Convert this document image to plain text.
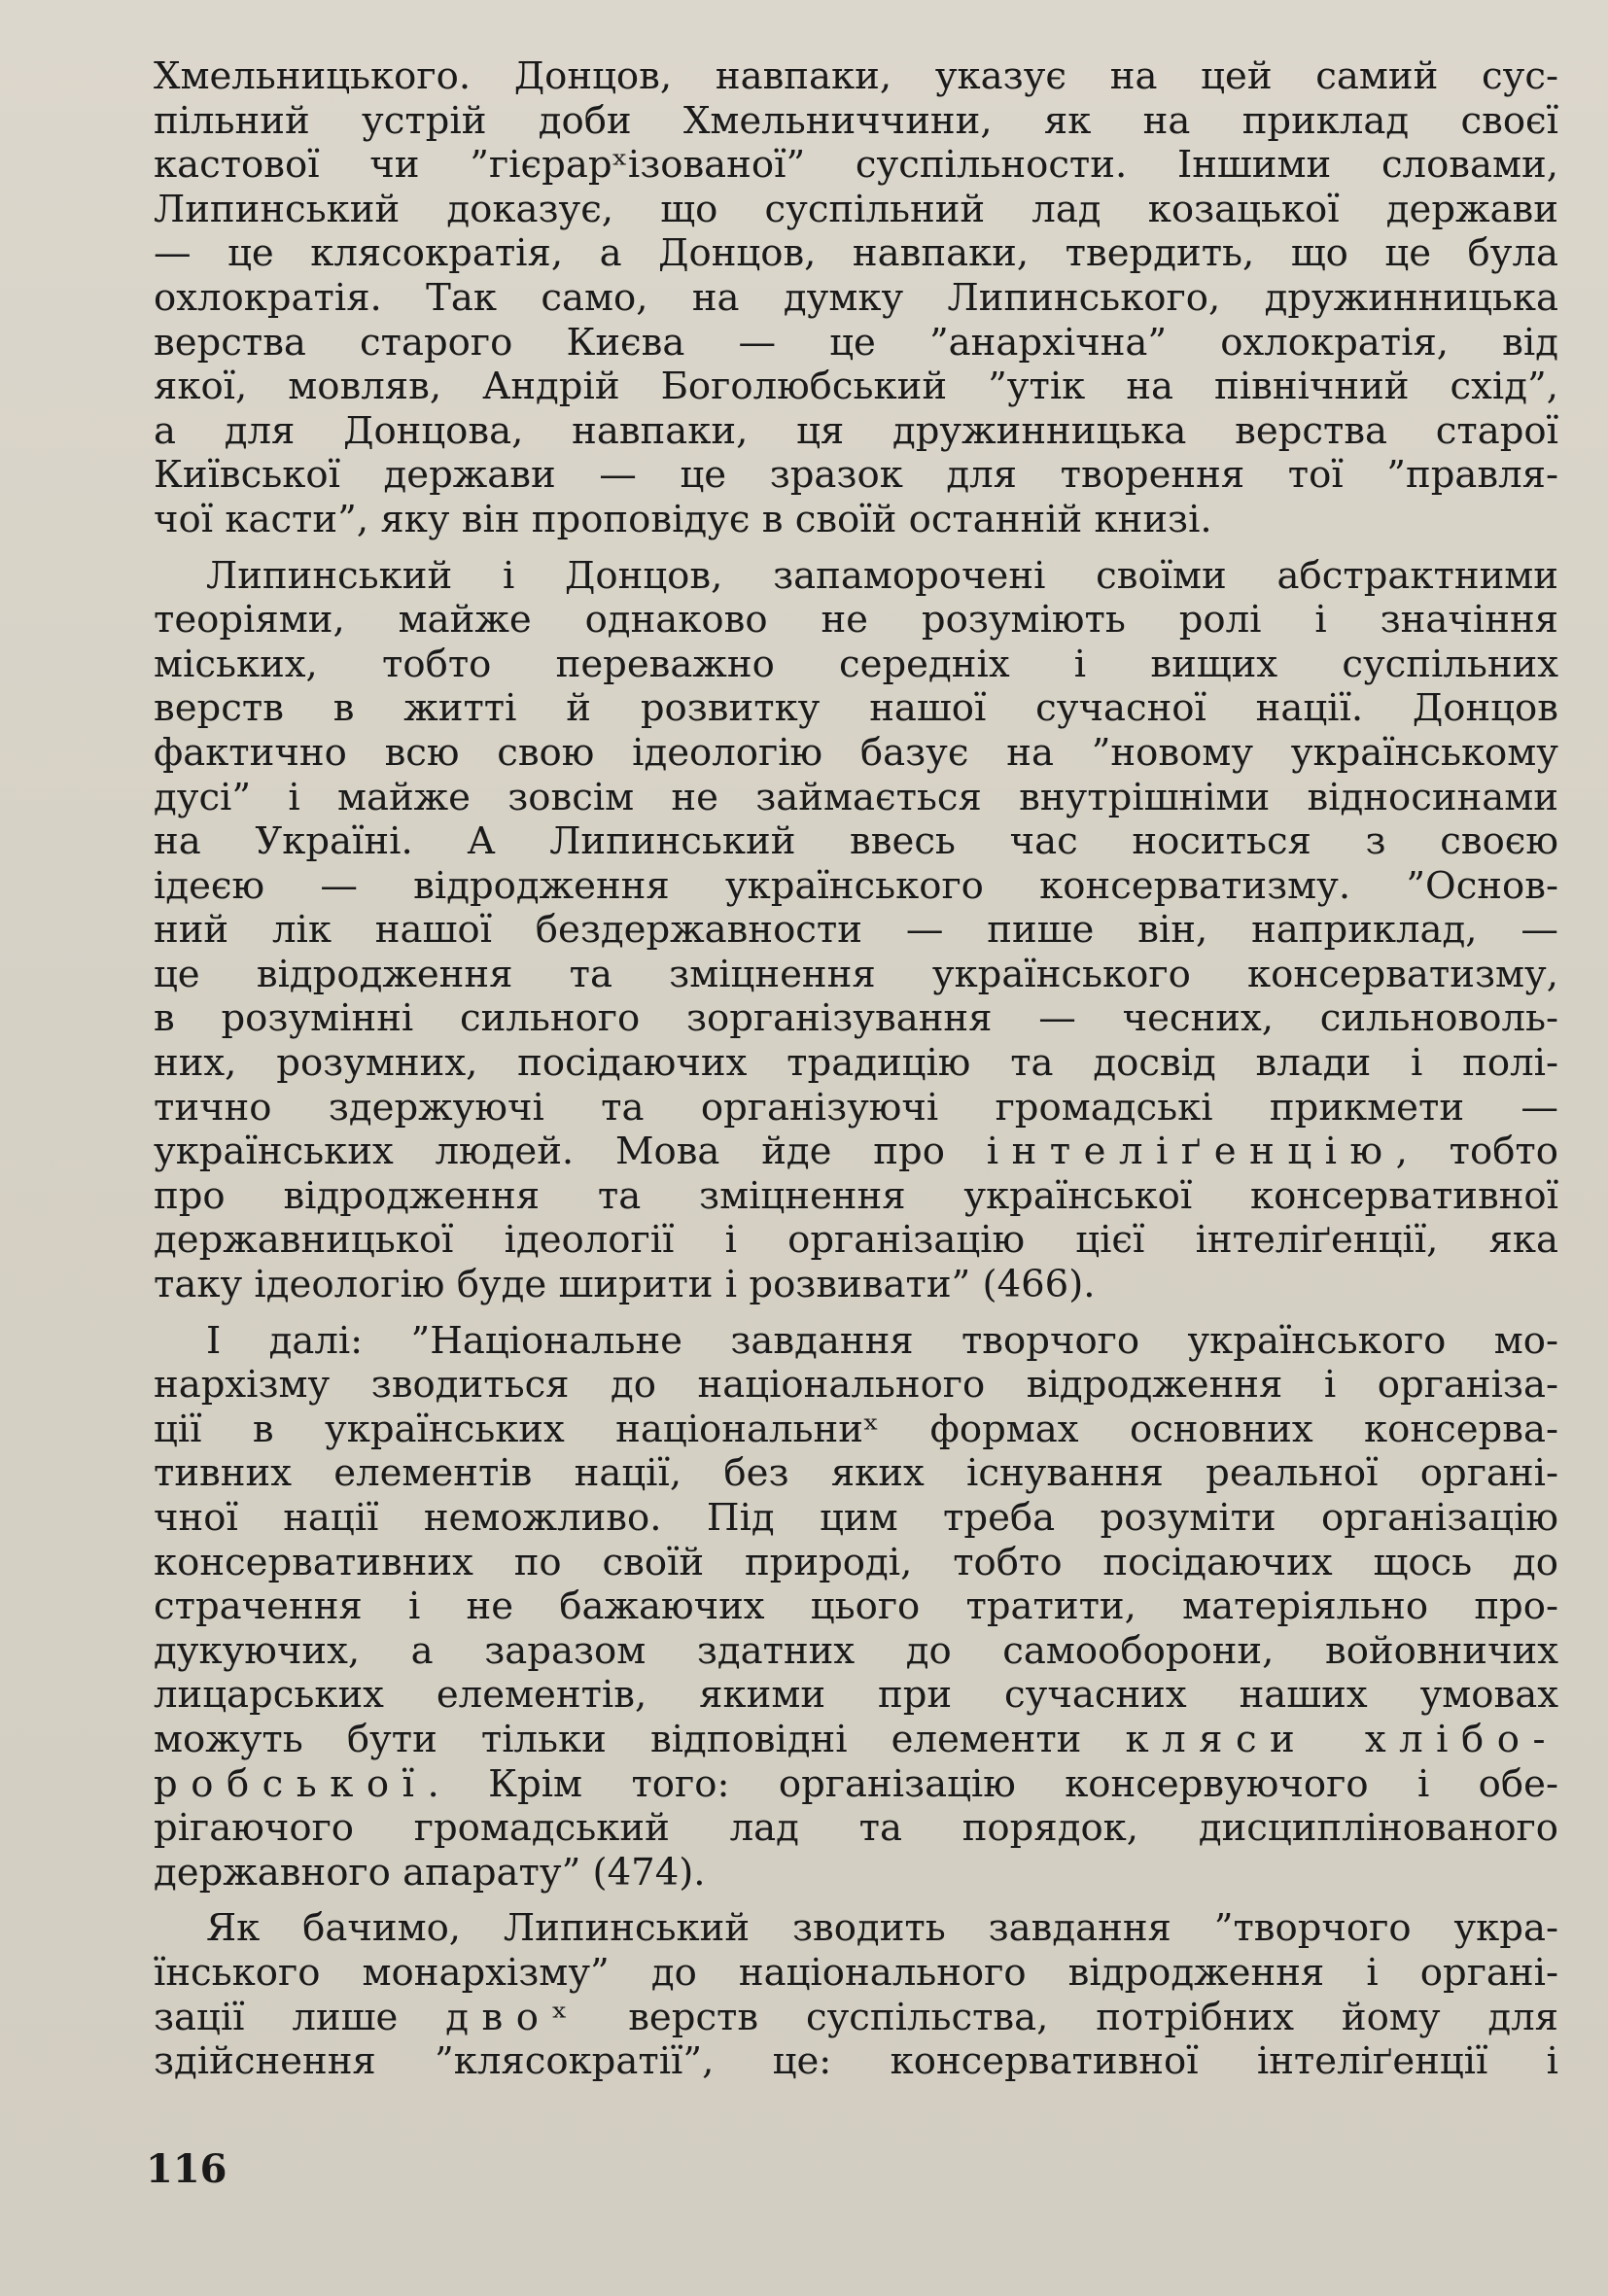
Хмельницького. Донцов, навпаки, указує на цей самий сус-
пільний устрій доби Хмельниччини, як на приклад своєї
кастової чи ”гієрарˣізованої” суспільности. Іншими словами,
Липинський доказує, що суспільний лад козацької держави
— це клясократія, а Донцов, навпаки, твердить, що це була
охлократія. Так само, на думку Липинського, дружинницька
верства старого Києва — це ”анархічна” охлократія, від
якої, мовляв, Андрій Боголюбський ”утік на північний схід”,
а для Донцова, навпаки, ця дружинницька верства старої
Київської держави — це зразок для творення тої ”правля-
чої касти”, яку він проповідує в своїй останній книзі.
Липинський і Донцов, запаморочені своїми абстрактними
теоріями, майже однаково не розуміють ролі і значіння
міських, тобто переважно середніх і вищих суспільних
верств в житті й розвитку нашої сучасної нації. Донцов
фактично всю свою ідеологію базує на ”новому українському
дусі” і майже зовсім не займається внутрішніми відносинами
на Україні. А Липинський ввесь час носиться з своєю
ідеєю — відродження українського консерватизму. ”Основ-
ний лік нашої бездержавности — пише він, наприклад, —
це відродження та зміцнення українського консерватизму,
в розумінні сильного зорганізування — чесних, сильноволь-
них, розумних, посідаючих традицію та досвід влади і полі-
тично здержуючі та організуючі громадські прикмети —
українських людей. Мова йде про інтеліґенцію, тобто
про відродження та зміцнення української консервативної
державницької ідеології і організацію цієї інтеліґенції, яка
таку ідеологію буде ширити і розвивати” (466).
І далі: ”Національне завдання творчого українського мо-
нархізму зводиться до національного відродження і організа-
ції в українських національниˣ формах основних консерва-
тивних елементів нації, без яких існування реальної органі-
чної нації неможливо. Під цим треба розуміти організацію
консервативних по своїй природі, тобто посідаючих щось до
страчення і не бажаючих цього тратити, матеріяльно про-
дукуючих, а заразом здатних до самооборони, войовничих
лицарських елементів, якими при сучасних наших умовах
можуть бути тільки відповідні елементи кляси хлібо-
робської. Крім того: організацію консервуючого і обе-
рігаючого громадський лад та порядок, дисциплінованого
державного апарату” (474).
Як бачимо, Липинський зводить завдання ”творчого укра-
їнського монархізму” до національного відродження і органі-
зації лише двоˣ верств суспільства, потрібних йому для
здійснення ”клясократії”, це: консервативної інтеліґенції і
116
